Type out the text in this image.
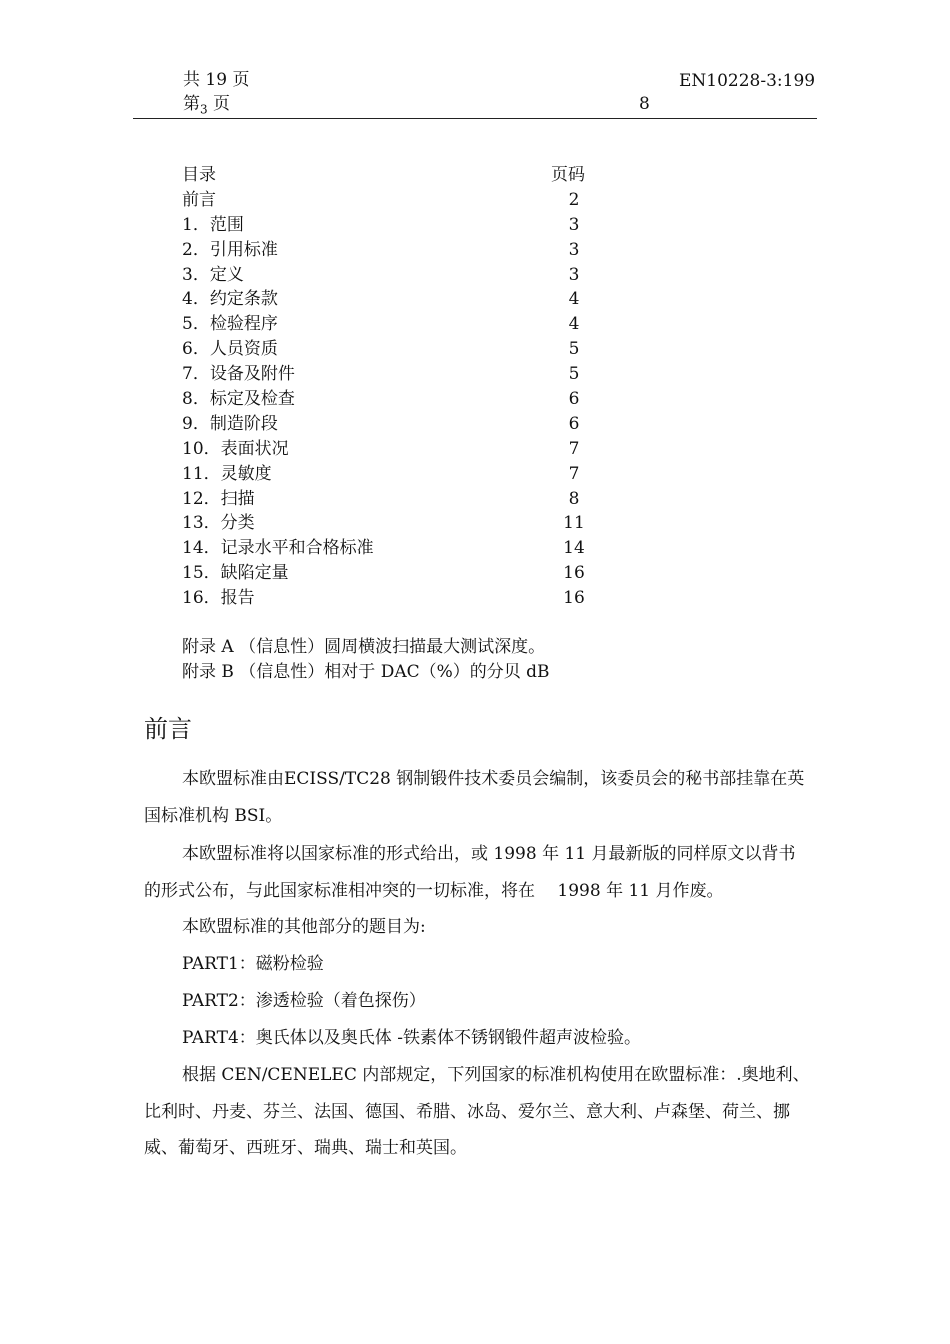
共 19 页
第$_3$ 页
EN10228-3:199
8
目录	页码
前言	2
1．范围	3
2．引用标准	3
3．定义	3
4．约定条款	4
5．检验程序	4
6．人员资质	5
7．设备及附件	5
8．标定及检查	6
9．制造阶段	6
10．表面状况	7
11．灵敏度	7
12．扫描	8
13．分类	11
14．记录水平和合格标准	14
15．缺陷定量	16
16．报告	16
附录 A （信息性）圆周横波扫描最大测试深度。
附录 B （信息性）相对于 DAC（%）的分贝 dB
前言
本欧盟标准由ECISS/TC28 钢制锻件技术委员会编制，该委员会的秘书部挂靠在英国标准机构 BSI。
本欧盟标准将以国家标准的形式给出，或 1998 年 11 月最新版的同样原文以背书的形式公布，与此国家标准相冲突的一切标准，将在　 1998 年 11 月作废。
本欧盟标准的其他部分的题目为:
PART1：磁粉检验
PART2：渗透检验（着色探伤）
PART4：奥氏体以及奥氏体 -铁素体不锈钢锻件超声波检验。
根据 CEN/CENELEC 内部规定，下列国家的标准机构使用在欧盟标准：.奥地利、比利时、丹麦、芬兰、法国、德国、希腊、冰岛、爱尔兰、意大利、卢森堡、荷兰、挪威、葡萄牙、西班牙、瑞典、瑞士和英国。
